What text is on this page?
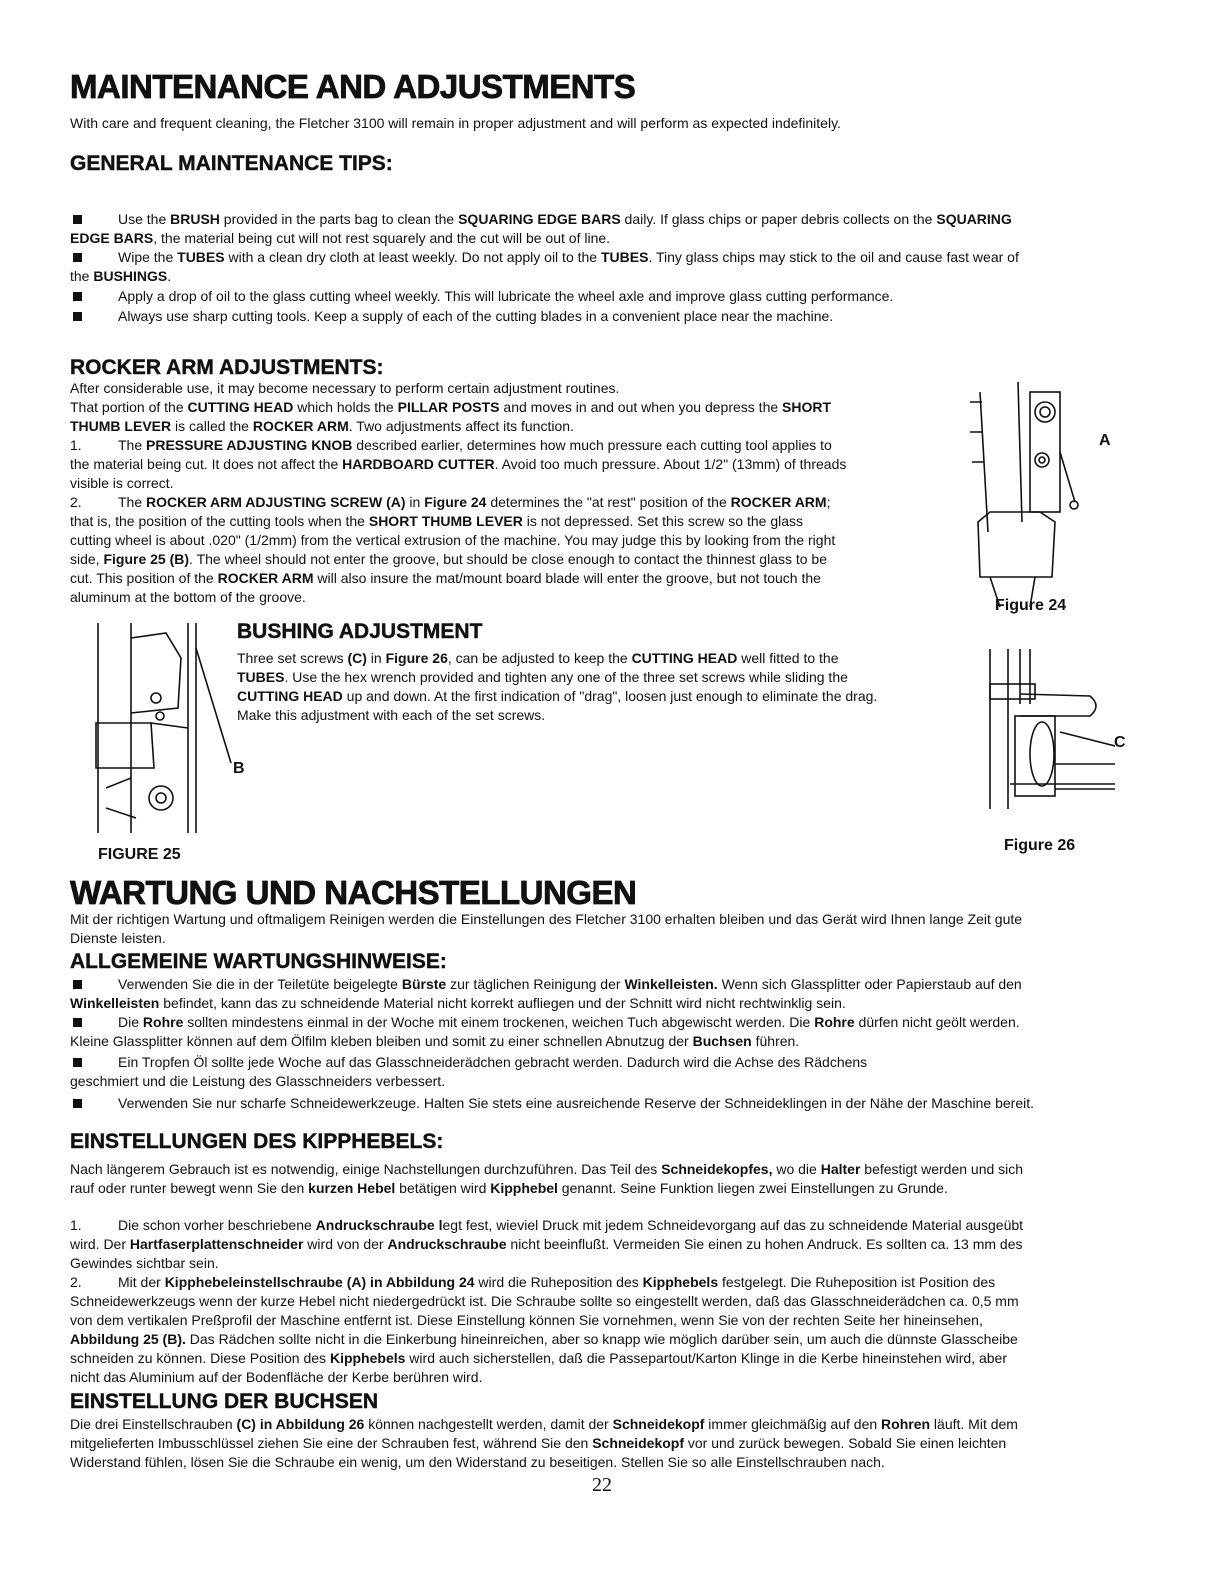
MAINTENANCE AND ADJUSTMENTS
With care and frequent cleaning, the Fletcher 3100 will remain in proper adjustment and will perform as expected indefinitely.
GENERAL MAINTENANCE TIPS:
Use the BRUSH provided in the parts bag to clean the SQUARING EDGE BARS daily. If glass chips or paper debris collects on the SQUARING
EDGE BARS, the material being cut will not rest squarely and the cut will be out of line.
Wipe the TUBES with a clean dry cloth at least weekly. Do not apply oil to the TUBES. Tiny glass chips may stick to the oil and cause fast wear of
the BUSHINGS.
Apply a drop of oil to the glass cutting wheel weekly. This will lubricate the wheel axle and improve glass cutting performance.
Always use sharp cutting tools. Keep a supply of each of the cutting blades in a convenient place near the machine.
ROCKER ARM ADJUSTMENTS:
After considerable use, it may become necessary to perform certain adjustment routines.
That portion of the CUTTING HEAD which holds the PILLAR POSTS and moves in and out when you depress the SHORT
THUMB LEVER is called the ROCKER ARM. Two adjustments affect its function.
1.	The PRESSURE ADJUSTING KNOB described earlier, determines how much pressure each cutting tool applies to
the material being cut. It does not affect the HARDBOARD CUTTER. Avoid too much pressure. About 1/2" (13mm) of threads
visible is correct.
2.	The ROCKER ARM ADJUSTING SCREW (A) in Figure 24 determines the "at rest" position of the ROCKER ARM;
that is, the position of the cutting tools when the SHORT THUMB LEVER is not depressed. Set this screw so the glass
cutting wheel is about .020" (1/2mm) from the vertical extrusion of the machine. You may judge this by looking from the right
side, Figure 25 (B). The wheel should not enter the groove, but should be close enough to contact the thinnest glass to be
cut. This position of the ROCKER ARM will also insure the mat/mount board blade will enter the groove, but not touch the
aluminum at the bottom of the groove.
A
Figure 24
BUSHING ADJUSTMENT
Three set screws (C) in Figure 26, can be adjusted to keep the CUTTING HEAD well fitted to the
TUBES. Use the hex wrench provided and tighten any one of the three set screws while sliding the
CUTTING HEAD up and down. At the first indication of "drag", loosen just enough to eliminate the drag.
Make this adjustment with each of the set screws.
B
FIGURE 25
C
Figure 26
WARTUNG UND NACHSTELLUNGEN
Mit der richtigen Wartung und oftmaligem Reinigen werden die Einstellungen des Fletcher 3100 erhalten bleiben und das Gerät wird Ihnen lange Zeit gute
Dienste leisten.
ALLGEMEINE WARTUNGSHINWEISE:
Verwenden Sie die in der Teiletüte beigelegte Bürste zur täglichen Reinigung der Winkelleisten. Wenn sich Glassplitter oder Papierstaub auf den
Winkelleisten befindet, kann das zu schneidende Material nicht korrekt aufliegen und der Schnitt wird nicht rechtwinklig sein.
Die Rohre sollten mindestens einmal in der Woche mit einem trockenen, weichen Tuch abgewischt werden. Die Rohre dürfen nicht geölt werden.
Kleine Glassplitter können auf dem Ölfilm kleben bleiben und somit zu einer schnellen Abnutzug der Buchsen führen.
Ein Tropfen Öl sollte jede Woche auf das Glasschneiderädchen gebracht werden. Dadurch wird die Achse des Rädchens
geschmiert und die Leistung des Glasschneiders verbessert.
Verwenden Sie nur scharfe Schneidewerkzeuge. Halten Sie stets eine ausreichende Reserve der Schneideklingen in der Nähe der Maschine bereit.
EINSTELLUNGEN DES KIPPHEBELS:
Nach längerem Gebrauch ist es notwendig, einige Nachstellungen durchzuführen. Das Teil des Schneidekopfes, wo die Halter befestigt werden und sich
rauf oder runter bewegt wenn Sie den kurzen Hebel betätigen wird Kipphebel genannt. Seine Funktion liegen zwei Einstellungen zu Grunde.
1.	Die schon vorher beschriebene Andruckschraube legt fest, wieviel Druck mit jedem Schneidevorgang auf das zu schneidende Material ausgeübt
wird. Der Hartfaserplattenschneider wird von der Andruckschraube nicht beeinflußt. Vermeiden Sie einen zu hohen Andruck. Es sollten ca. 13 mm des
Gewindes sichtbar sein.
2.	Mit der Kipphebeleinstellschraube (A) in Abbildung 24 wird die Ruheposition des Kipphebels festgelegt. Die Ruheposition ist Position des
Schneidewerkzeugs wenn der kurze Hebel nicht niedergedrückt ist. Die Schraube sollte so eingestellt werden, daß das Glasschneiderädchen ca. 0,5 mm
von dem vertikalen Preßprofil der Maschine entfernt ist. Diese Einstellung können Sie vornehmen, wenn Sie von der rechten Seite her hineinsehen,
Abbildung 25 (B). Das Rädchen sollte nicht in die Einkerbung hineinreichen, aber so knapp wie möglich darüber sein, um auch die dünnste Glasscheibe
schneiden zu können. Diese Position des Kipphebels wird auch sicherstellen, daß die Passepartout/Karton Klinge in die Kerbe hineinstehen wird, aber
nicht das Aluminium auf der Bodenfläche der Kerbe berühren wird.
EINSTELLUNG DER BUCHSEN
Die drei Einstellschrauben (C) in Abbildung 26 können nachgestellt werden, damit der Schneidekopf immer gleichmäßig auf den Rohren läuft. Mit dem
mitgelieferten Imbusschlüssel ziehen Sie eine der Schrauben fest, während Sie den Schneidekopf vor und zurück bewegen. Sobald Sie einen leichten
Widerstand fühlen, lösen Sie die Schraube ein wenig, um den Widerstand zu beseitigen. Stellen Sie so alle Einstellschrauben nach.
22
